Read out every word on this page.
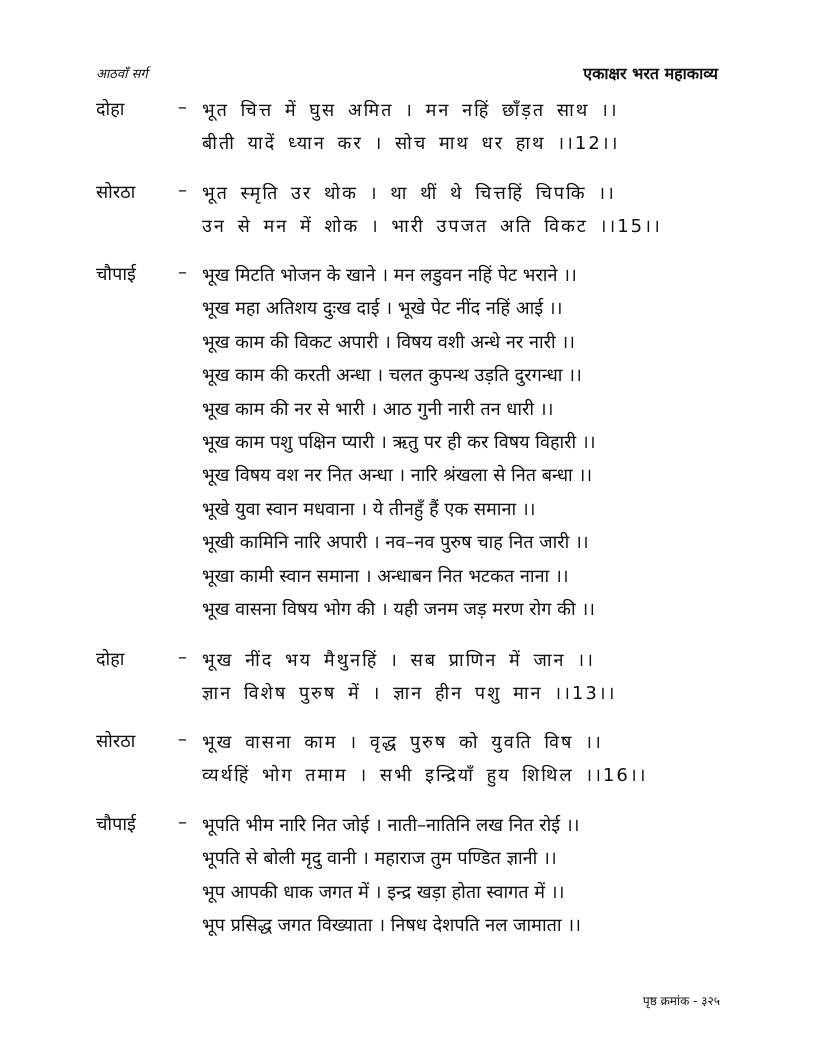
आठवाँ सर्ग	एकाक्षर भरत महाकाव्य
दोहा	– भूत चित्त में घुस अमित । मन नहिं छाँड़त साथ ।।
बीती यादें ध्यान कर । सोच माथ धर हाथ ।।12।।
सोरठा – भूत स्मृति उर थोक । था थीं थे चित्तहिं चिपकि ।।
उन से मन में शोक । भारी उपजत अति विकट ।।15।।
चौपाई – भूख मिटति भोजन के खाने । मन लडुवन नहिं पेट भराने ।।
भूख महा अतिशय दुःख दाई । भूखे पेट नींद नहिं आई ।।
भूख काम की विकट अपारी । विषय वशी अन्धे नर नारी ।।
भूख काम की करती अन्धा । चलत कुपन्थ उड़ति दुरगन्धा ।।
भूख काम की नर से भारी । आठ गुनी नारी तन धारी ।।
भूख काम पशु पक्षिन प्यारी । ऋतु पर ही कर विषय विहारी ।।
भूख विषय वश नर नित अन्धा । नारि श्रंखला से नित बन्धा ।।
भूखे युवा स्वान मधवाना । ये तीनहुँ हैं एक समाना ।।
भूखी कामिनि नारि अपारी । नव–नव पुरुष चाह नित जारी ।।
भूखा कामी स्वान समाना । अन्धाबन नित भटकत नाना ।।
भूख वासना विषय भोग की । यही जनम जड़ मरण रोग की ।।
दोहा	– भूख नींद भय मैथुनहिं । सब प्राणिन में जान ।।
ज्ञान विशेष पुरुष में । ज्ञान हीन पशु मान ।।13।।
सोरठा – भूख वासना काम । वृद्ध पुरुष को युवति विष ।।
व्यर्थहिं भोग तमाम । सभी इन्द्रियाँ हुय शिथिल ।।16।।
चौपाई – भूपति भीम नारि नित जोई । नाती–नातिनि लख नित रोई ।।
भूपति से बोली मृदु वानी । महाराज तुम पण्डित ज्ञानी ।।
भूप आपकी धाक जगत में । इन्द्र खड़ा होता स्वागत में ।।
भूप प्रसिद्ध जगत विख्याता । निषध देशपति नल जामाता ।।
पृष्ठ क्रमांक - ३२५
